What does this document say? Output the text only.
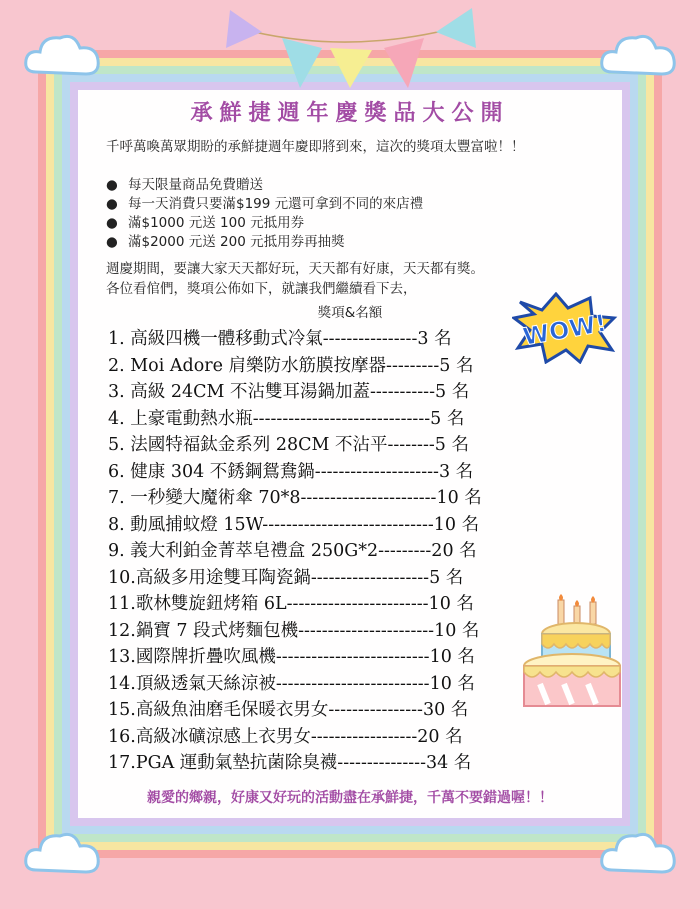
承鮮捷週年慶獎品大公開
千呼萬喚萬眾期盼的承鮮捷週年慶即將到來，這次的獎項太豐富啦！！
● 每天限量商品免費贈送
● 每一天消費只要滿$199 元還可拿到不同的來店禮
● 滿$1000 元送 100 元抵用券
● 滿$2000 元送 200 元抵用券再抽獎
週慶期間，要讓大家天天都好玩，天天都有好康，天天都有獎。
各位看倌們，獎項公佈如下，就讓我們繼續看下去，
獎項&名額
1. 高級四機一體移動式冷氣----------------3 名
2. Moi Adore 肩樂防水筋膜按摩器---------5 名
3. 高級 24CM 不沾雙耳湯鍋加蓋-----------5 名
4. 上豪電動熱水瓶------------------------------5 名
5. 法國特福鈦金系列 28CM 不沾平--------5 名
6. 健康 304 不銹鋼鴛鴦鍋---------------------3 名
7. 一秒變大魔術傘 70*8-----------------------10 名
8. 動風捕蚊燈 15W-----------------------------10 名
9. 義大利鉑金菁萃皂禮盒 250G*2---------20 名
10.高級多用途雙耳陶瓷鍋--------------------5 名
11.歌林雙旋鈕烤箱 6L------------------------10 名
12.鍋寶 7 段式烤麵包機-----------------------10 名
13.國際牌折疊吹風機--------------------------10 名
14.頂級透氣天絲涼被--------------------------10 名
15.高級魚油磨毛保暖衣男女----------------30 名
16.高級冰礦涼感上衣男女------------------20 名
17.PGA 運動氣墊抗菌除臭襪---------------34 名
親愛的鄉親，好康又好玩的活動盡在承鮮捷，千萬不要錯過喔！！
WOW!
